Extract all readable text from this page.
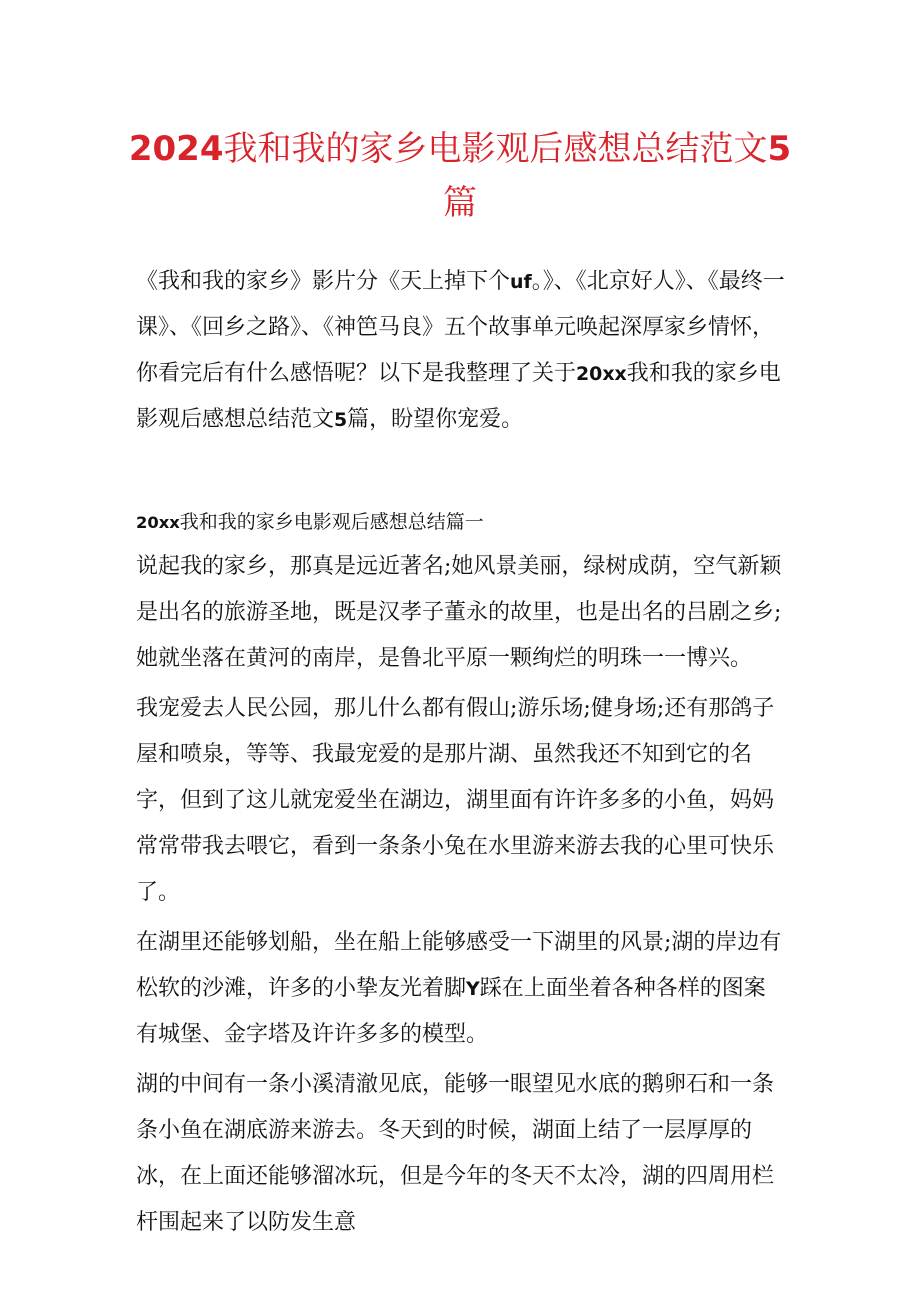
2024我和我的家乡电影观后感想总结范文5
篇

《我和我的家乡》影片分《天上掉下个uf。》、《北京好人》、《最终一课》、《回乡之路》、《神笆马良》五个故事单元唤起深厚家乡情怀，你看完后有什么感悟呢？以下是我整理了关于20xx我和我的家乡电影观后感想总结范文5篇，盼望你宠爱。

20xx我和我的家乡电影观后感想总结篇一

说起我的家乡，那真是远近著名;她风景美丽，绿树成荫，空气新颖是出名的旅游圣地，既是汉孝子董永的故里，也是出名的吕剧之乡;她就坐落在黄河的南岸，是鲁北平原一颗绚烂的明珠一一博兴。

我宠爱去人民公园，那儿什么都有假山;游乐场;健身场;还有那鸽子屋和喷泉，等等、我最宠爱的是那片湖、虽然我还不知到它的名字，但到了这儿就宠爱坐在湖边，湖里面有许许多多的小鱼，妈妈常常带我去喂它，看到一条条小兔在水里游来游去我的心里可快乐了。

在湖里还能够划船，坐在船上能够感受一下湖里的风景;湖的岸边有松软的沙滩，许多的小挚友光着脚Y踩在上面坐着各种各样的图案有城堡、金字塔及许许多多的模型。

湖的中间有一条小溪清澈见底，能够一眼望见水底的鹅卵石和一条条小鱼在湖底游来游去。冬天到的时候，湖面上结了一层厚厚的冰，在上面还能够溜冰玩，但是今年的冬天不太冷，湖的四周用栏杆围起来了以防发生意
